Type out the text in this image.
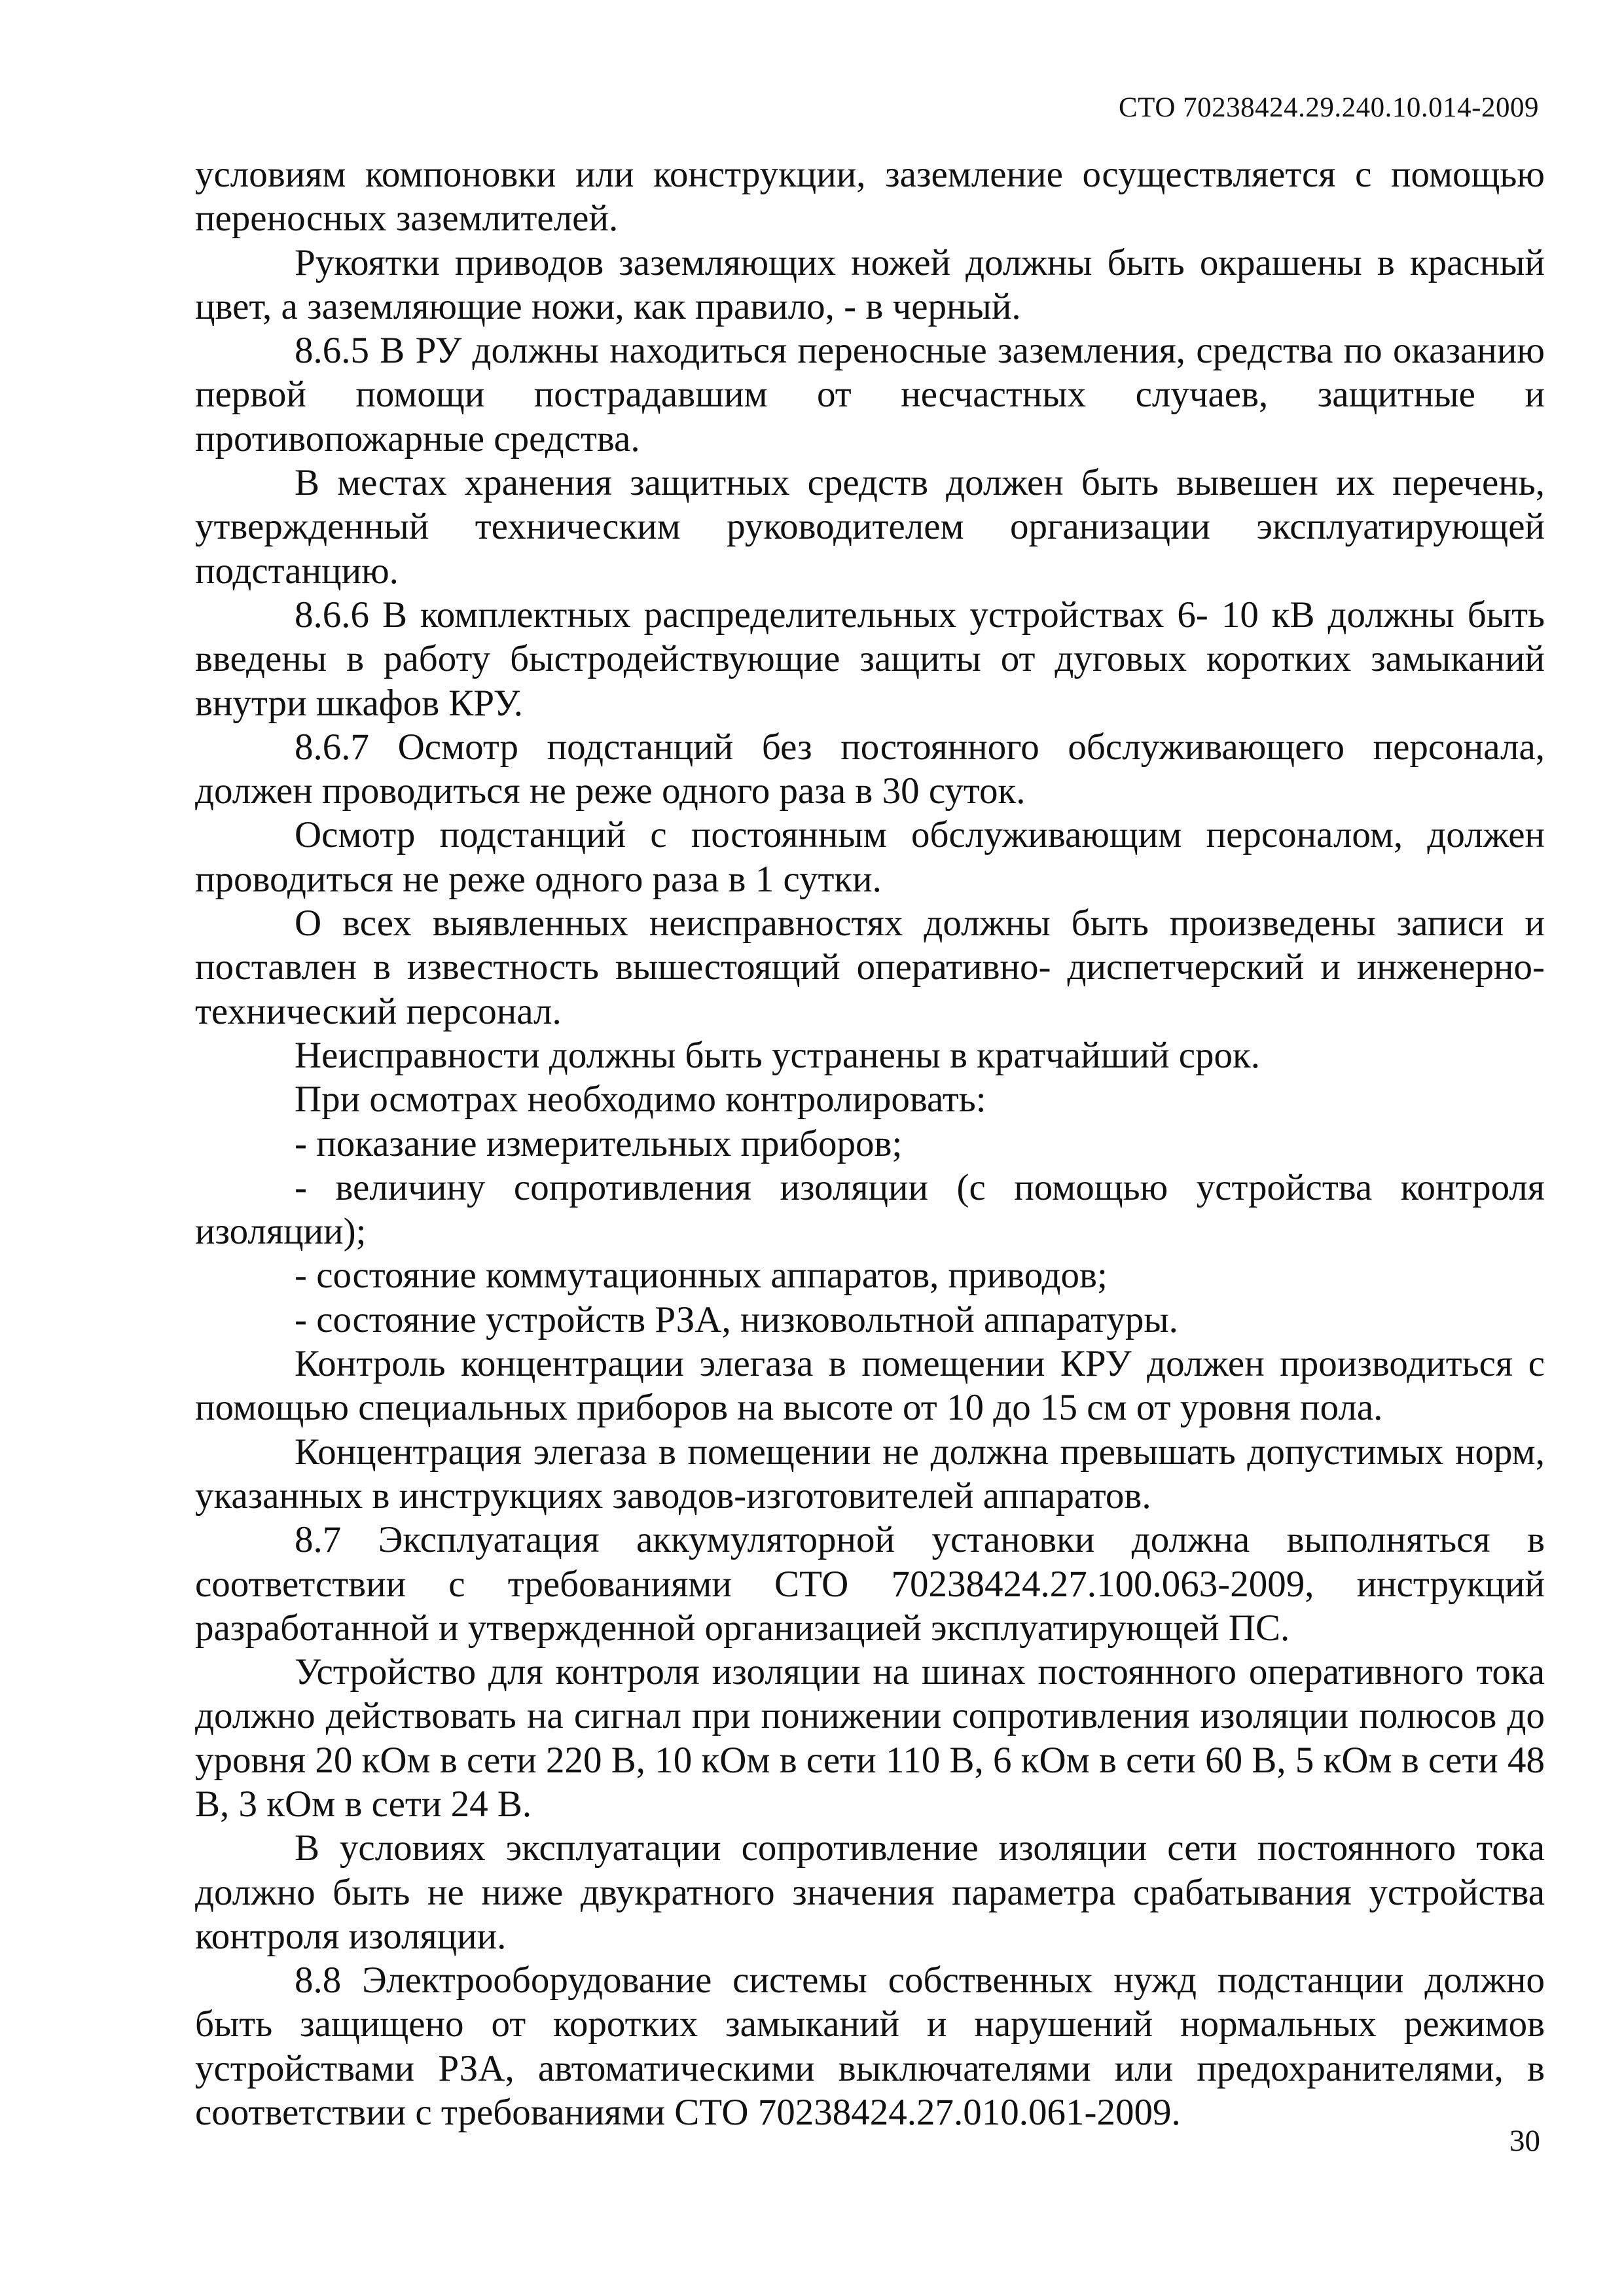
СТО 70238424.29.240.10.014-2009

условиям компоновки или конструкции, заземление осуществляется с помощью переносных заземлителей.

Рукоятки приводов заземляющих ножей должны быть окрашены в красный цвет, а заземляющие ножи, как правило, - в черный.

8.6.5 В РУ должны находиться переносные заземления, средства по оказанию первой помощи пострадавшим от несчастных случаев, защитные и противопожарные средства.

В местах хранения защитных средств должен быть вывешен их перечень, утвержденный техническим руководителем организации эксплуатирующей подстанцию.

8.6.6 В комплектных распределительных устройствах 6- 10 кВ должны быть введены в работу быстродействующие защиты от дуговых коротких замыканий внутри шкафов КРУ.

8.6.7 Осмотр подстанций без постоянного обслуживающего персонала, должен проводиться не реже одного раза в 30 суток.

Осмотр подстанций с постоянным обслуживающим персоналом, должен проводиться не реже одного раза в 1 сутки.

О всех выявленных неисправностях должны быть произведены записи и поставлен в известность вышестоящий оперативно- диспетчерский и инженерно- технический персонал.

Неисправности должны быть устранены в кратчайший срок.

При осмотрах необходимо контролировать:

- показание измерительных приборов;

- величину сопротивления изоляции (с помощью устройства контроля изоляции);

- состояние коммутационных аппаратов, приводов;

- состояние устройств РЗА, низковольтной аппаратуры.

Контроль концентрации элегаза в помещении КРУ должен производиться с помощью специальных приборов на высоте от 10 до 15 см от уровня пола.

Концентрация элегаза в помещении не должна превышать допустимых норм, указанных в инструкциях заводов-изготовителей аппаратов.

8.7 Эксплуатация аккумуляторной установки должна выполняться в соответствии с требованиями СТО 70238424.27.100.063-2009, инструкций разработанной и утвержденной организацией эксплуатирующей ПС.

Устройство для контроля изоляции на шинах постоянного оперативного тока должно действовать на сигнал при понижении сопротивления изоляции полюсов до уровня 20 кОм в сети 220 В, 10 кОм в сети 110 В, 6 кОм в сети 60 В, 5 кОм в сети 48 В, 3 кОм в сети 24 В.

В условиях эксплуатации сопротивление изоляции сети постоянного тока должно быть не ниже двукратного значения параметра срабатывания устройства контроля изоляции.

8.8 Электрооборудование системы собственных нужд подстанции должно быть защищено от коротких замыканий и нарушений нормальных режимов устройствами РЗА, автоматическими выключателями или предохранителями, в соответствии с требованиями СТО 70238424.27.010.061-2009.

30
